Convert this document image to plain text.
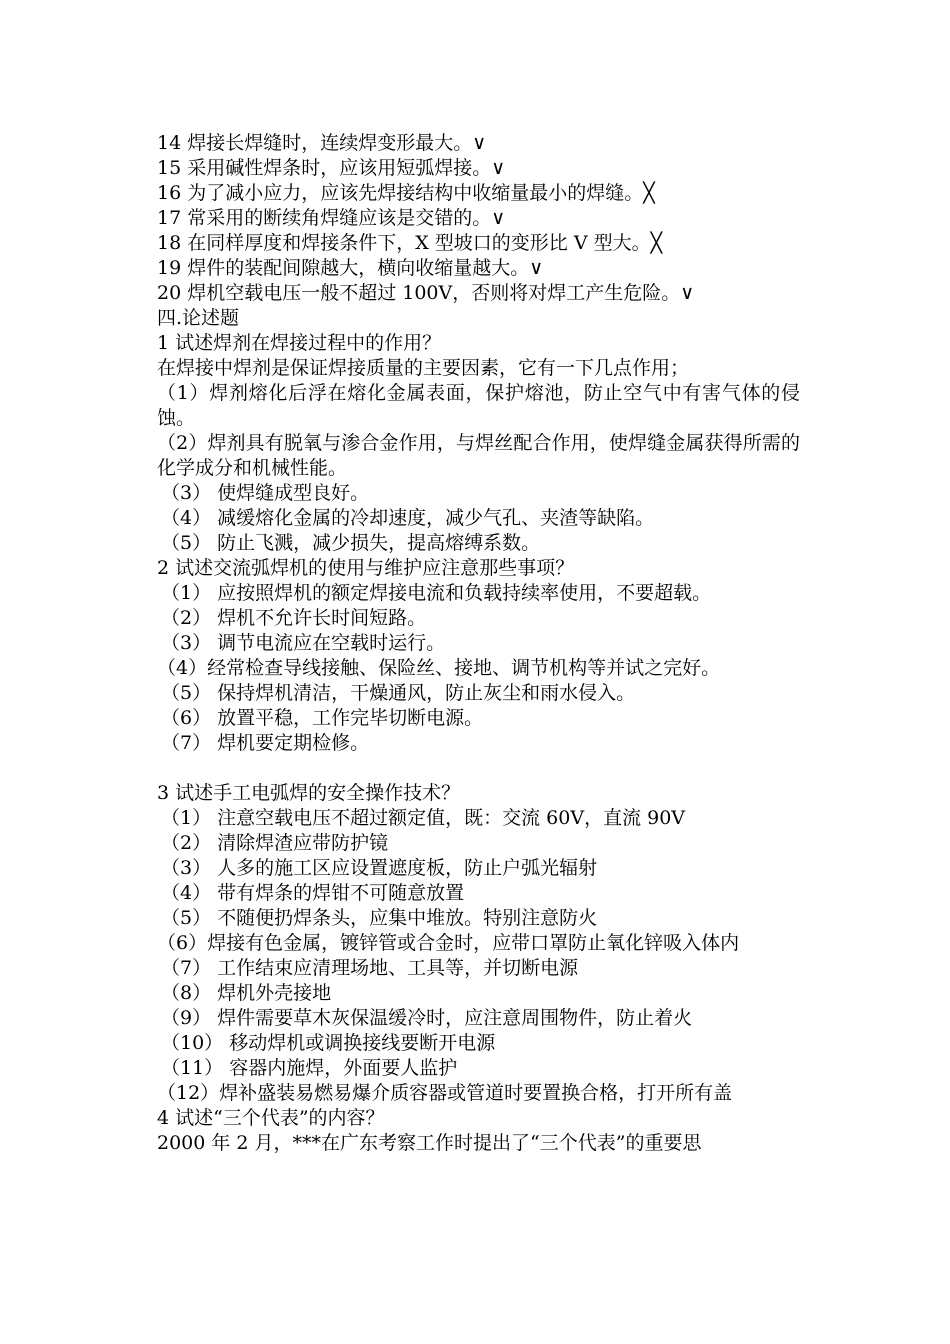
14 焊接长焊缝时，连续焊变形最大。∨

15 采用碱性焊条时，应该用短弧焊接。∨

16 为了减小应力，应该先焊接结构中收缩量最小的焊缝。╳

17 常采用的断续角焊缝应该是交错的。∨

18 在同样厚度和焊接条件下，X 型坡口的变形比 V 型大。╳

19 焊件的装配间隙越大，横向收缩量越大。∨

20 焊机空载电压一般不超过 100V，否则将对焊工产生危险。∨

四.论述题

1 试述焊剂在焊接过程中的作用？

在焊接中焊剂是保证焊接质量的主要因素，它有一下几点作用；

（1）焊剂熔化后浮在熔化金属表面，保护熔池，防止空气中有害气体的侵蚀。

（2）焊剂具有脱氧与渗合金作用，与焊丝配合作用，使焊缝金属获得所需的化学成分和机械性能。

（3） 使焊缝成型良好。

（4） 减缓熔化金属的冷却速度，减少气孔、夹渣等缺陷。

（5） 防止飞溅，减少损失，提高熔缚系数。

2 试述交流弧焊机的使用与维护应注意那些事项？

（1） 应按照焊机的额定焊接电流和负载持续率使用，不要超载。

（2） 焊机不允许长时间短路。

（3） 调节电流应在空载时运行。

（4）经常检查导线接触、保险丝、接地、调节机构等并试之完好。

（5） 保持焊机清洁，干燥通风，防止灰尘和雨水侵入。

（6） 放置平稳，工作完毕切断电源。

（7） 焊机要定期检修。

3 试述手工电弧焊的安全操作技术？

（1） 注意空载电压不超过额定值，既：交流 60V，直流 90V

（2） 清除焊渣应带防护镜

（3） 人多的施工区应设置遮度板，防止户弧光辐射

（4） 带有焊条的焊钳不可随意放置

（5） 不随便扔焊条头，应集中堆放。特别注意防火

（6）焊接有色金属，镀锌管或合金时，应带口罩防止氧化锌吸入体内

（7） 工作结束应清理场地、工具等，并切断电源

（8） 焊机外壳接地

（9） 焊件需要草木灰保温缓冷时，应注意周围物件，防止着火

（10） 移动焊机或调换接线要断开电源

（11） 容器内施焊，外面要人监护

（12）焊补盛装易燃易爆介质容器或管道时要置换合格，打开所有盖

4 试述“三个代表”的内容？

2000 年 2 月，***在广东考察工作时提出了“三个代表”的重要思
